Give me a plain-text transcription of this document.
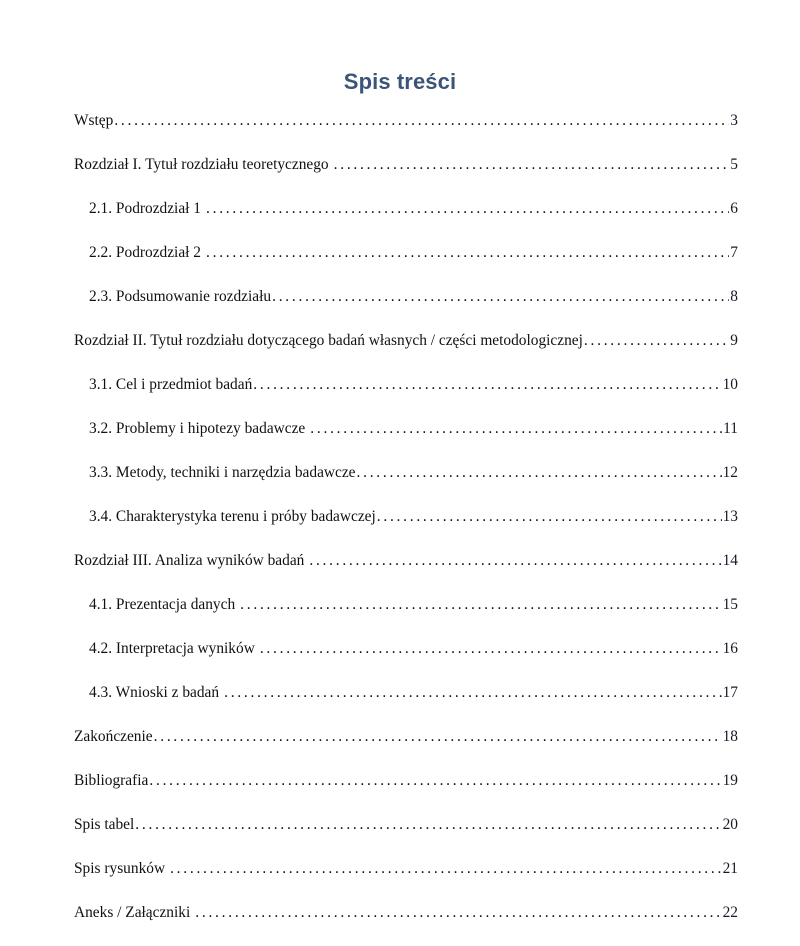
Spis treści
Wstęp . . .	3
Rozdział I. Tytuł rozdziału teoretycznego . . .	5
2.1. Podrozdział 1 . . .	6
2.2. Podrozdział 2 . . .	7
2.3. Podsumowanie rozdziału . . .	8
Rozdział II. Tytuł rozdziału dotyczącego badań własnych / części metodologicznej . . .	9
3.1. Cel i przedmiot badań . . .	10
3.2. Problemy i hipotezy badawcze . . .	11
3.3. Metody, techniki i narzędzia badawcze . . .	12
3.4. Charakterystyka terenu i próby badawczej . . .	13
Rozdział III. Analiza wyników badań . . .	14
4.1. Prezentacja danych . . .	15
4.2. Interpretacja wyników . . .	16
4.3. Wnioski z badań . . .	17
Zakończenie . . .	18
Bibliografia . . .	19
Spis tabel . . .	20
Spis rysunków . . .	21
Aneks / Załączniki . . .	22
